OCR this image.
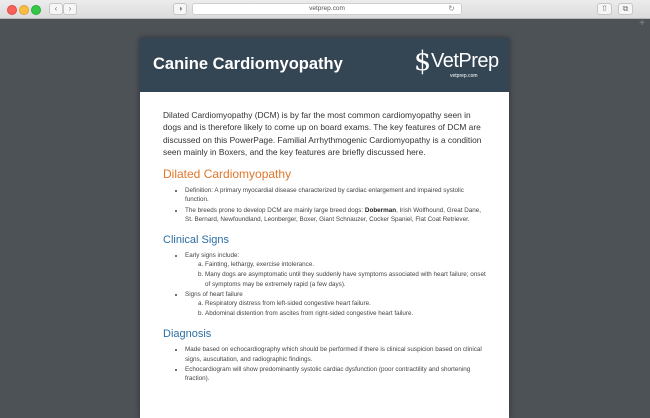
‹	›	◑	vetprep.com	↻	⇧	⧉
+
Canine Cardiomyopathy	$ VetPrep
vetprep.com

Dilated Cardiomyopathy (DCM) is by far the most common cardiomyopathy seen in dogs and is therefore likely to come up on board exams. The key features of DCM are discussed on this PowerPage. Familial Arrhythmogenic Cardiomyopathy is a condition seen mainly in Boxers, and the key features are briefly discussed here.

Dilated Cardiomyopathy
• Definition: A primary myocardial disease characterized by cardiac enlargement and impaired systolic function.
• The breeds prone to develop DCM are mainly large breed dogs: Doberman, Irish Wolfhound, Great Dane, St. Bernard, Newfoundland, Leonberger, Boxer, Giant Schnauzer, Cocker Spaniel, Flat Coat Retriever.
Clinical Signs
• Early signs include:
a. Fainting, lethargy, exercise intolerance.
b. Many dogs are asymptomatic until they suddenly have symptoms associated with heart failure; onset of symptoms may be extremely rapid (a few days).
• Signs of heart failure
a. Respiratory distress from left-sided congestive heart failure.
b. Abdominal distention from ascites from right-sided congestive heart failure.
Diagnosis
• Made based on echocardiography which should be performed if there is clinical suspicion based on clinical signs, auscultation, and radiographic findings.
• Echocardiogram will show predominantly systolic cardiac dysfunction (poor contractility and shortening fraction).
